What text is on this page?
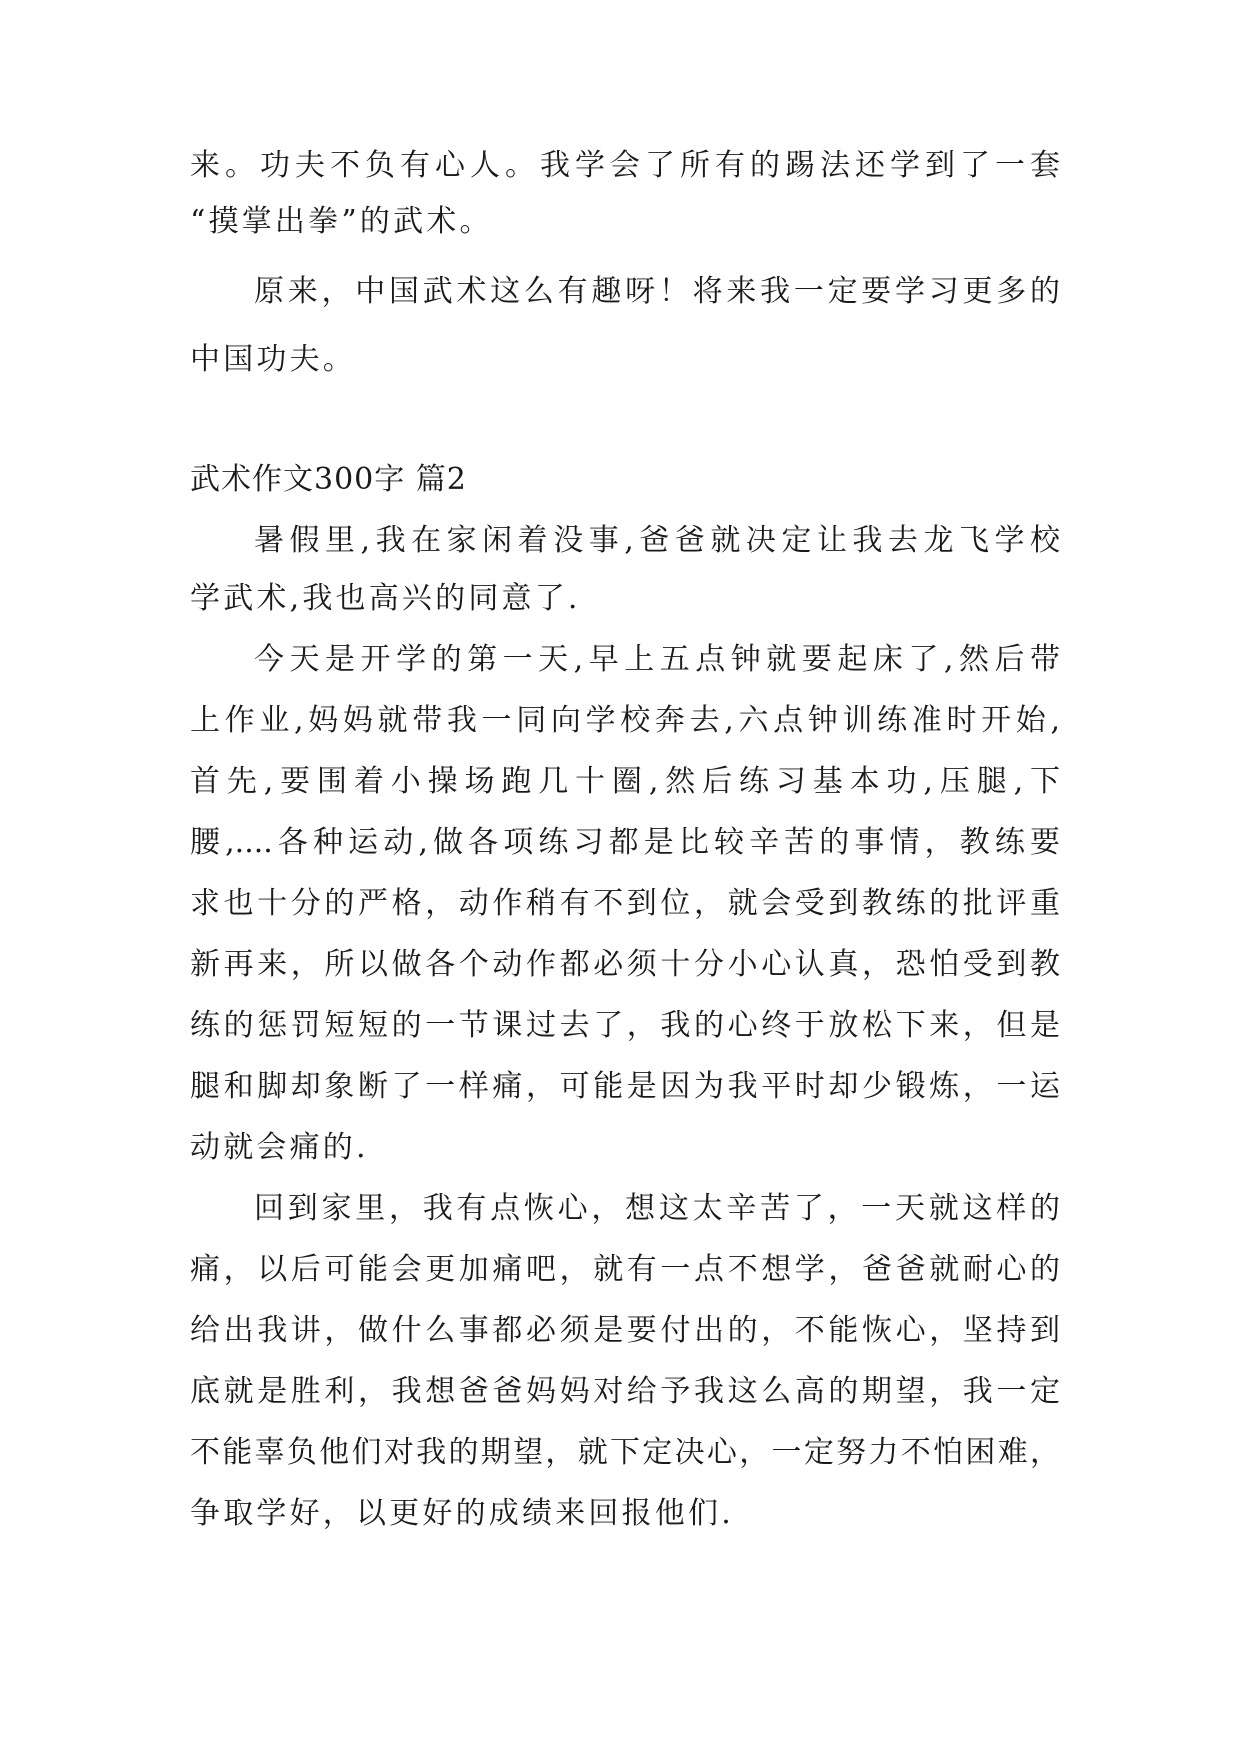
来。功夫不负有心人。我学会了所有的踢法还学到了一套
“摸掌出拳”的武术。
原来，中国武术这么有趣呀！将来我一定要学习更多的
中国功夫。
武术作文300字 篇2
暑假里,我在家闲着没事,爸爸就决定让我去龙飞学校
学武术,我也高兴的同意了.
今天是开学的第一天,早上五点钟就要起床了,然后带
上作业,妈妈就带我一同向学校奔去,六点钟训练准时开始,
首先,要围着小操场跑几十圈,然后练习基本功,压腿,下
腰,....各种运动,做各项练习都是比较辛苦的事情，教练要
求也十分的严格，动作稍有不到位，就会受到教练的批评重
新再来，所以做各个动作都必须十分小心认真，恐怕受到教
练的惩罚短短的一节课过去了，我的心终于放松下来，但是
腿和脚却象断了一样痛，可能是因为我平时却少锻炼，一运
动就会痛的.
回到家里，我有点恢心，想这太辛苦了，一天就这样的
痛，以后可能会更加痛吧，就有一点不想学，爸爸就耐心的
给出我讲，做什么事都必须是要付出的，不能恢心，坚持到
底就是胜利，我想爸爸妈妈对给予我这么高的期望，我一定
不能辜负他们对我的期望，就下定决心，一定努力不怕困难，
争取学好，以更好的成绩来回报他们.
